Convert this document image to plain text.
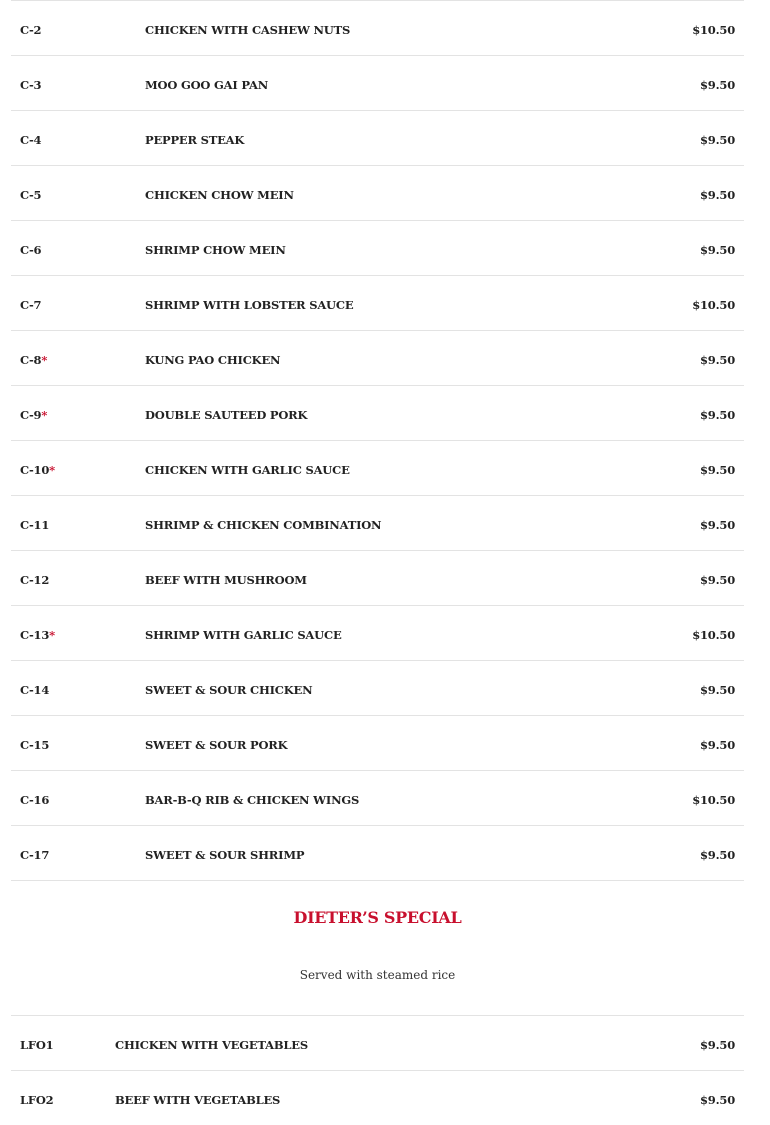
C-2	CHICKEN WITH CASHEW NUTS	$10.50
C-3	MOO GOO GAI PAN	$9.50
C-4	PEPPER STEAK	$9.50
C-5	CHICKEN CHOW MEIN	$9.50
C-6	SHRIMP CHOW MEIN	$9.50
C-7	SHRIMP WITH LOBSTER SAUCE	$10.50
C-8*	KUNG PAO CHICKEN	$9.50
C-9*	DOUBLE SAUTEED PORK	$9.50
C-10*	CHICKEN WITH GARLIC SAUCE	$9.50
C-11	SHRIMP & CHICKEN COMBINATION	$9.50
C-12	BEEF WITH MUSHROOM	$9.50
C-13*	SHRIMP WITH GARLIC SAUCE	$10.50
C-14	SWEET & SOUR CHICKEN	$9.50
C-15	SWEET & SOUR PORK	$9.50
C-16	BAR-B-Q RIB & CHICKEN WINGS	$10.50
C-17	SWEET & SOUR SHRIMP	$9.50
DIETER’S SPECIAL
Served with steamed rice
LFO1	CHICKEN WITH VEGETABLES	$9.50
LFO2	BEEF WITH VEGETABLES	$9.50
